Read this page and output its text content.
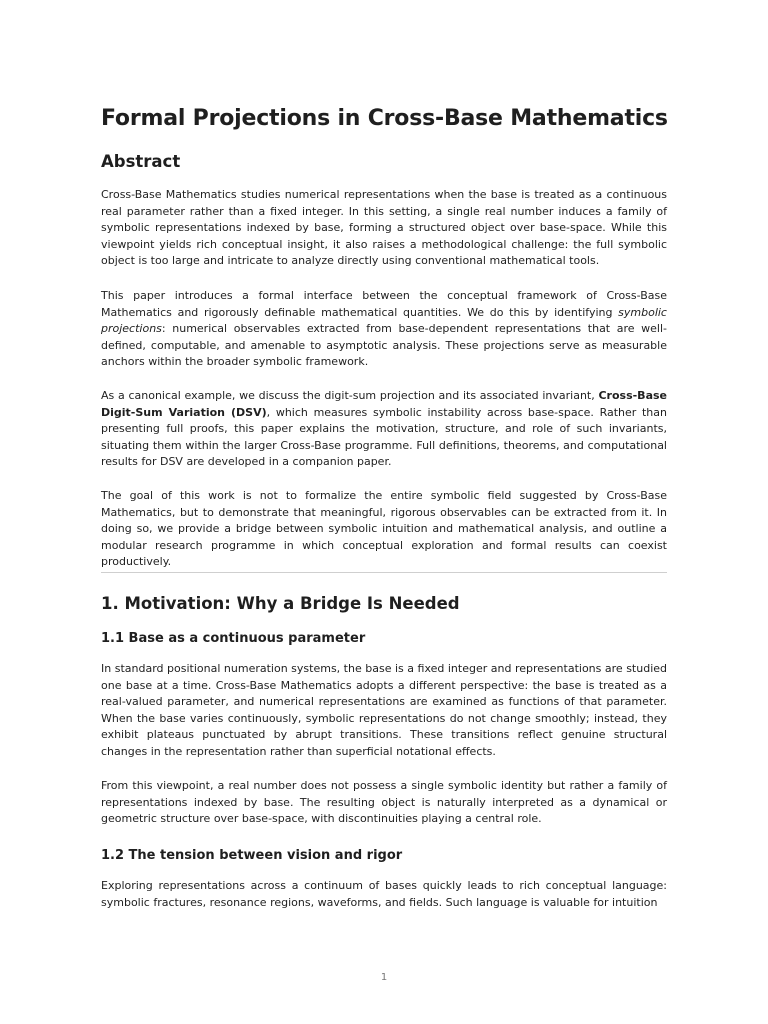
Formal Projections in Cross-Base Mathematics
Abstract

Cross-Base Mathematics studies numerical representations when the base is treated as a continuous real parameter rather than a fixed integer. In this setting, a single real number induces a family of symbolic representations indexed by base, forming a structured object over base-space. While this viewpoint yields rich conceptual insight, it also raises a methodological challenge: the full symbolic object is too large and intricate to analyze directly using conventional mathematical tools.

This paper introduces a formal interface between the conceptual framework of Cross-Base Mathematics and rigorously definable mathematical quantities. We do this by identifying symbolic projections: numerical observables extracted from base-dependent representations that are well-defined, computable, and amenable to asymptotic analysis. These projections serve as measurable anchors within the broader symbolic framework.

As a canonical example, we discuss the digit-sum projection and its associated invariant, Cross-Base Digit-Sum Variation (DSV), which measures symbolic instability across base-space. Rather than presenting full proofs, this paper explains the motivation, structure, and role of such invariants, situating them within the larger Cross-Base programme. Full definitions, theorems, and computational results for DSV are developed in a companion paper.

The goal of this work is not to formalize the entire symbolic field suggested by Cross-Base Mathematics, but to demonstrate that meaningful, rigorous observables can be extracted from it. In doing so, we provide a bridge between symbolic intuition and mathematical analysis, and outline a modular research programme in which conceptual exploration and formal results can coexist productively.

1. Motivation: Why a Bridge Is Needed
1.1 Base as a continuous parameter

In standard positional numeration systems, the base is a fixed integer and representations are studied one base at a time. Cross-Base Mathematics adopts a different perspective: the base is treated as a real-valued parameter, and numerical representations are examined as functions of that parameter. When the base varies continuously, symbolic representations do not change smoothly; instead, they exhibit plateaus punctuated by abrupt transitions. These transitions reflect genuine structural changes in the representation rather than superficial notational effects.

From this viewpoint, a real number does not possess a single symbolic identity but rather a family of representations indexed by base. The resulting object is naturally interpreted as a dynamical or geometric structure over base-space, with discontinuities playing a central role.

1.2 The tension between vision and rigor

Exploring representations across a continuum of bases quickly leads to rich conceptual language: symbolic fractures, resonance regions, waveforms, and fields. Such language is valuable for intuition

1
